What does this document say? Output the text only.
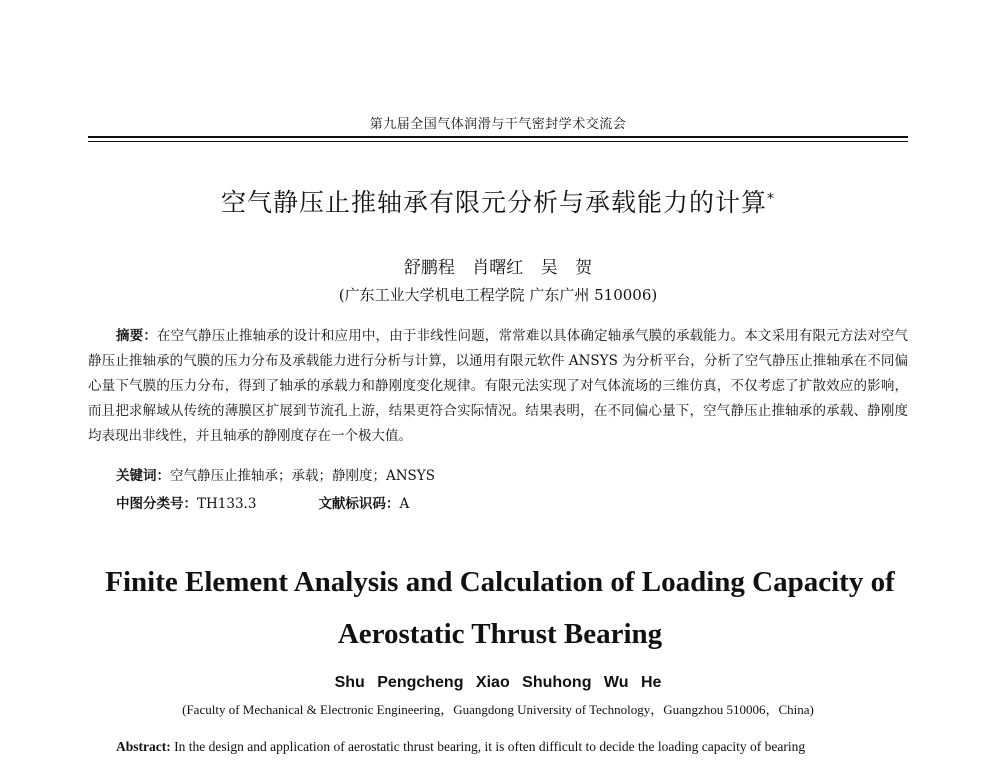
第九届全国气体润滑与干气密封学术交流会
空气静压止推轴承有限元分析与承载能力的计算*
舒鹏程 肖曙红 吴 贺
(广东工业大学机电工程学院 广东广州 510006)
摘要：在空气静压止推轴承的设计和应用中，由于非线性问题，常常难以具体确定轴承气膜的承载能力。本文采用有限元方法对空气静压止推轴承的气膜的压力分布及承载能力进行分析与计算，以通用有限元软件 ANSYS 为分析平台，分析了空气静压止推轴承在不同偏心量下气膜的压力分布，得到了轴承的承载力和静刚度变化规律。有限元法实现了对气体流场的三维仿真，不仅考虑了扩散效应的影响，而且把求解域从传统的薄膜区扩展到节流孔上游，结果更符合实际情况。结果表明，在不同偏心量下，空气静压止推轴承的承载、静刚度均表现出非线性，并且轴承的静刚度存在一个极大值。
关键词：空气静压止推轴承；承载；静刚度；ANSYS
中图分类号：TH133.3	文献标识码：A
Finite Element Analysis and Calculation of Loading Capacity of
Aerostatic Thrust Bearing
Shu Pengcheng Xiao Shuhong Wu He
(Faculty of Mechanical & Electronic Engineering，Guangdong University of Technology，Guangzhou 510006，China)
Abstract: In the design and application of aerostatic thrust bearing, it is often difficult to decide the loading capacity of bearing
